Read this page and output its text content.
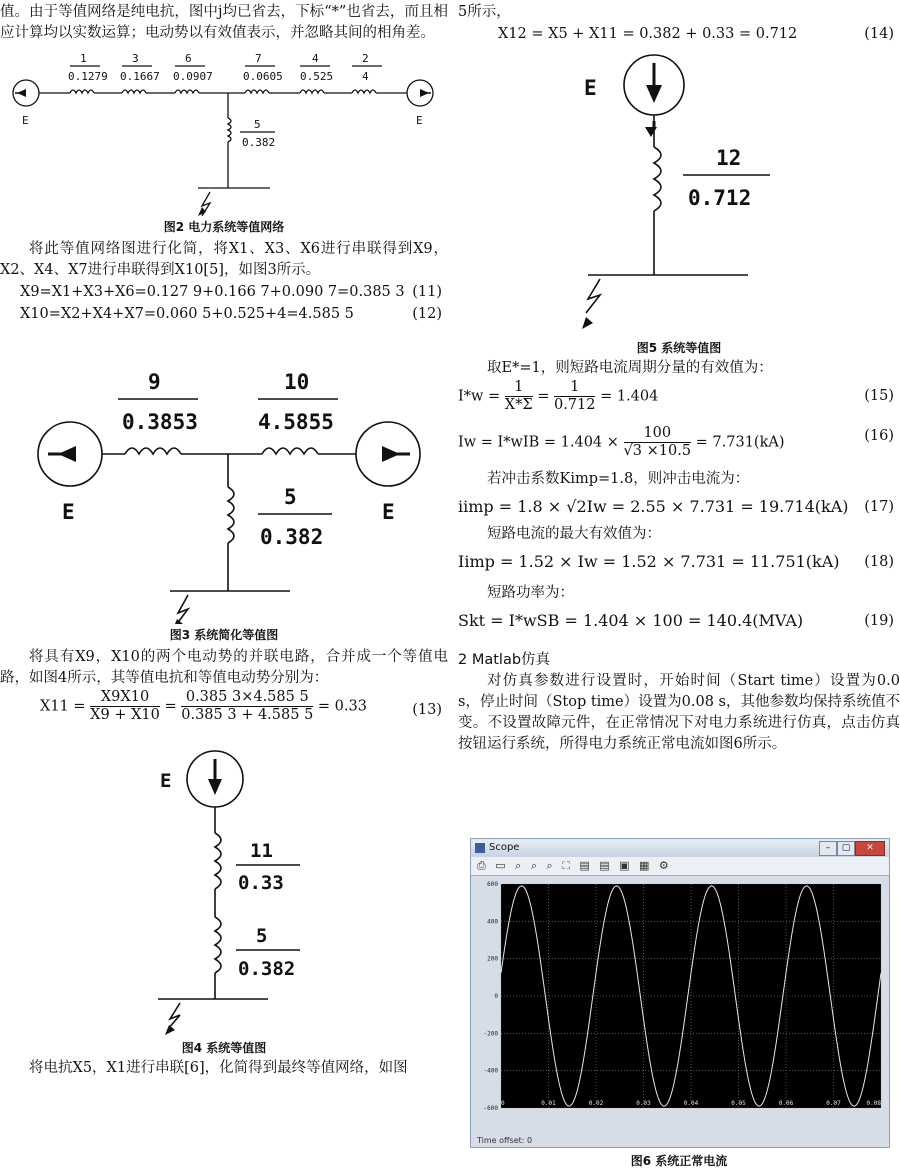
值。由于等值网络是纯电抗，图中j均已省去，下标“*”也省去，而且相应计算均以实数运算；电动势以有效值表示，并忽略其间的相角差。

1
0.1279
3
0.1667
6
0.0907
7
0.0605
4
0.525
2
4
5
0.382
E	E
图2 电力系统等值网络

将此等值网络图进行化简，将X1、X3、X6进行串联得到X9，X2、X4、X7进行串联得到X10[5]，如图3所示。

X9=X1+X3+X6=0.127 9+0.166 7+0.090 7=0.385 3 (11)
X10=X2+X4+X7=0.060 5+0.525+4=4.585 5	(12)
9
0.3853
10
4.5855
5
0.382
E	E
图3 系统简化等值图

将具有X9，X10的两个电动势的并联电路，合并成一个等值电路，如图4所示，其等值电抗和等值电动势分别为：

$X11 = \frac{X9X10}{X9 + X10} = \frac{0.385 3\times 4.585 5}{0.385 3 + 4.585 5} = 0.33$	(13)
E
11
0.33
5
0.382
图4 系统等值图

将电抗X5，X1进行串联[6]，化简得到最终等值网络，如图

5所示，

X12 = X5 + X11 = 0.382 + 0.33 = 0.712	(14)
E
12
0.712
图5 系统等值图

取E*=1，则短路电流周期分量的有效值为：

$I*w = \frac{1}{X*\Sigma} = \frac{1}{0.712} = 1.404$	(15)
$Iw = I*wIB = 1.404 \times \frac{100}{√3 \times 10.5} = 7.731(kA)$	(16)

若冲击系数Kimp=1.8，则冲击电流为：

iimp = 1.8 × √2Iw = 2.55 × 7.731 = 19.714(kA) (17)

短路电流的最大有效值为：

Iimp = 1.52 × Iw = 1.52 × 7.731 = 11.751(kA) (18)

短路功率为：

Skt = I*wSB = 1.404 × 100 = 140.4(MVA)	(19)

2 Matlab仿真

对仿真参数进行设置时，开始时间（Start time）设置为0.0 s，停止时间（Stop time）设置为0.08 s，其他参数均保持系统值不变。不设置故障元件，在正常情况下对电力系统进行仿真，点击仿真按钮运行系统，所得电力系统正常电流如图6所示。

Scope	–	▢	✕
⎙ ▭ ⌕ ⌕ ⌕ ⛶ ▤ ▤ ▣ ▦ ⚙
0	0.01	0.02	0.03	0.04	0.05	0.06	0.07	0.08
600
400
200
0
-200
-400
-600
Time offset: 0
图6 系统正常电流
